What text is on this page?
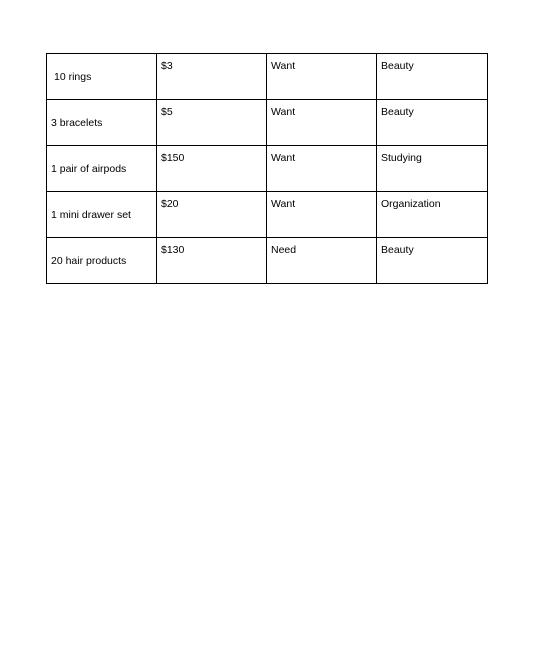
10 rings	$3	Want	Beauty

3 bracelets	$5	Want	Beauty

1 pair of airpods	$150	Want	Studying

1 mini drawer set	$20	Want	Organization

20 hair products	$130	Need	Beauty
